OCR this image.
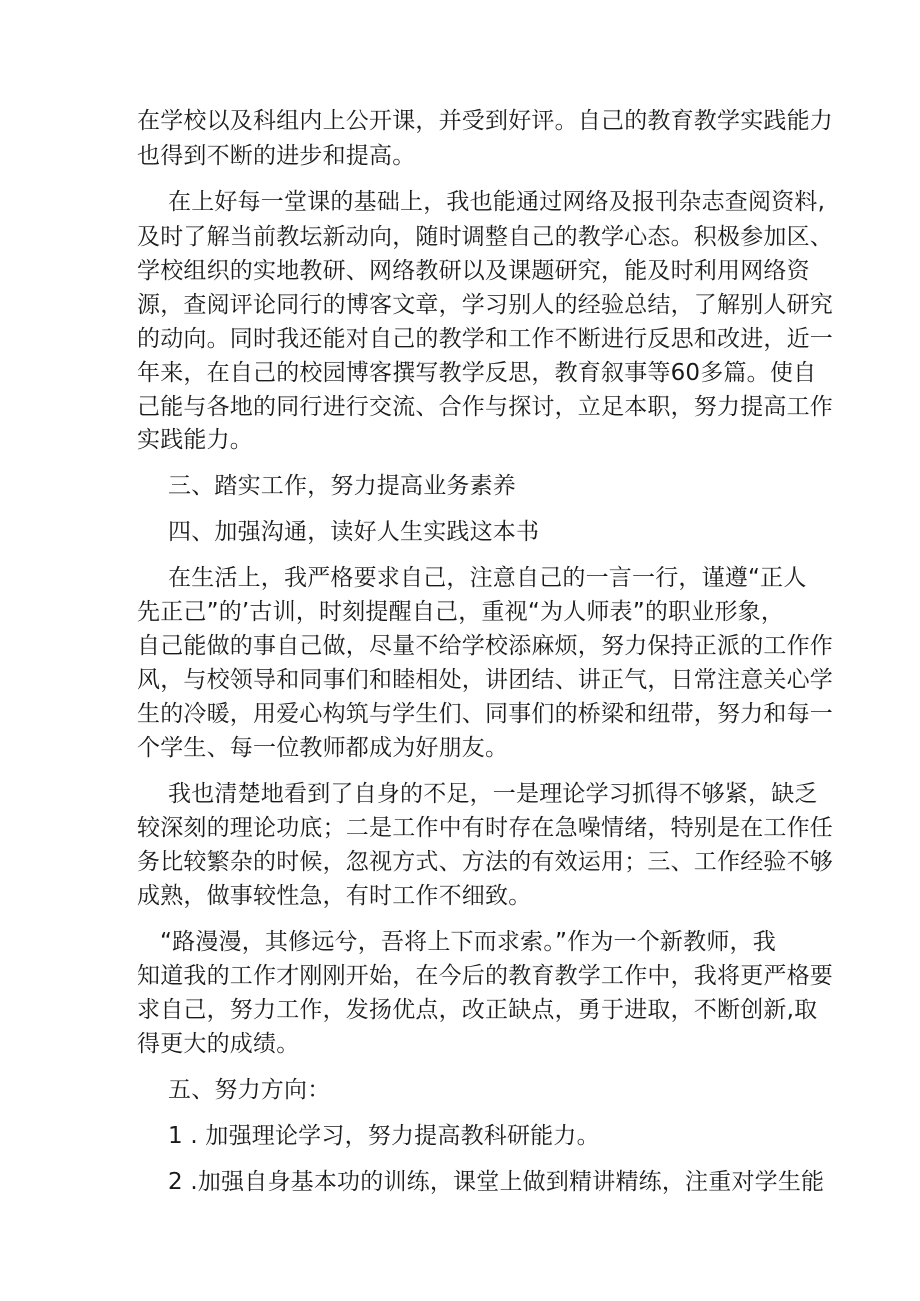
在学校以及科组内上公开课，并受到好评。自己的教育教学实践能力
也得到不断的进步和提高。
在上好每一堂课的基础上，我也能通过网络及报刊杂志查阅资料,
及时了解当前教坛新动向，随时调整自己的教学心态。积极参加区、
学校组织的实地教研、网络教研以及课题研究，能及时利用网络资
源，查阅评论同行的博客文章，学习别人的经验总结，了解别人研究
的动向。同时我还能对自己的教学和工作不断进行反思和改进，近一
年来，在自己的校园博客撰写教学反思，教育叙事等60多篇。使自
己能与各地的同行进行交流、合作与探讨，立足本职，努力提高工作
实践能力。
三、踏实工作，努力提高业务素养
四、加强沟通，读好人生实践这本书
在生活上，我严格要求自己，注意自己的一言一行，谨遵“正人
先正己”的’古训，时刻提醒自己，重视“为人师表”的职业形象，
自己能做的事自己做，尽量不给学校添麻烦，努力保持正派的工作作
风，与校领导和同事们和睦相处，讲团结、讲正气，日常注意关心学
生的冷暖，用爱心构筑与学生们、同事们的桥梁和纽带，努力和每一
个学生、每一位教师都成为好朋友。
我也清楚地看到了自身的不足，一是理论学习抓得不够紧，缺乏
较深刻的理论功底；二是工作中有时存在急噪情绪，特别是在工作任
务比较繁杂的时候，忽视方式、方法的有效运用；三、工作经验不够
成熟，做事较性急，有时工作不细致。
“路漫漫，其修远兮，吾将上下而求索。”作为一个新教师，我
知道我的工作才刚刚开始，在今后的教育教学工作中，我将更严格要
求自己，努力工作，发扬优点，改正缺点，勇于进取，不断创新,取
得更大的成绩。
五、努力方向：
1 . 加强理论学习，努力提高教科研能力。
2 .加强自身基本功的训练，课堂上做到精讲精练，注重对学生能
